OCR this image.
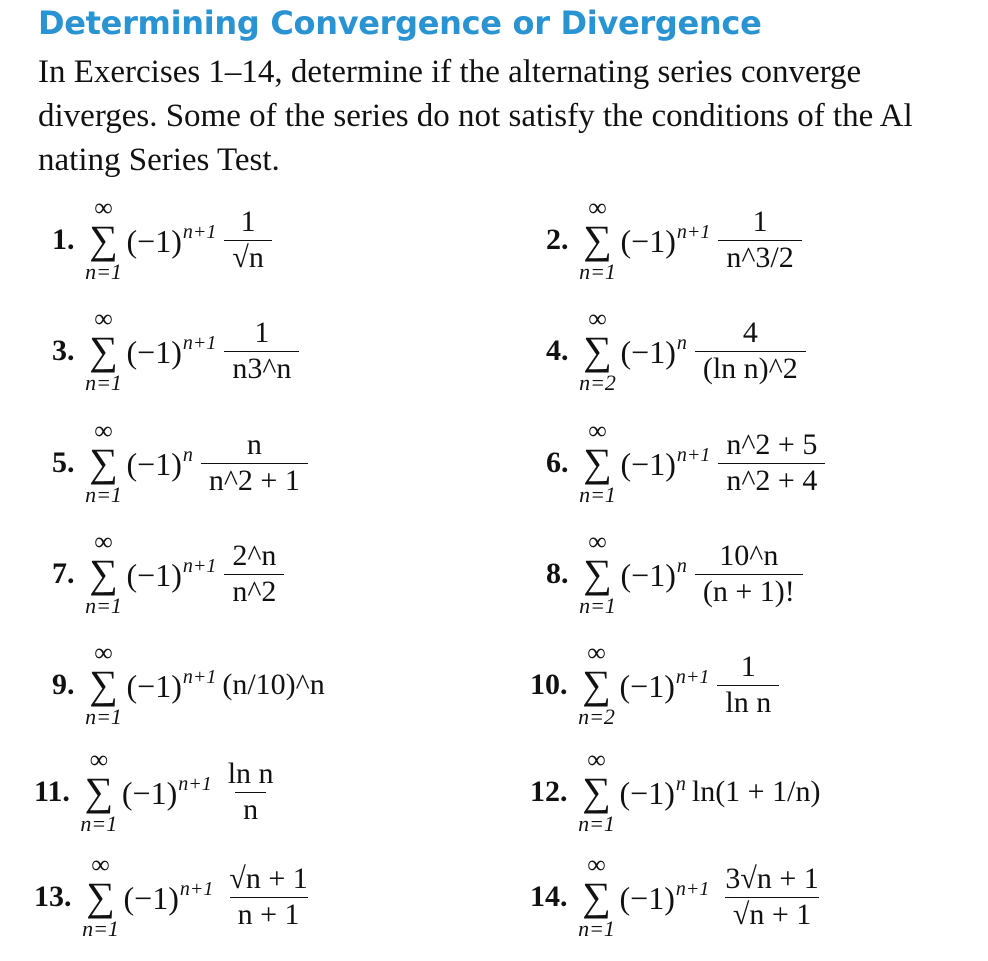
Determining Convergence or Divergence
In Exercises 1–14, determine if the alternating series converge
diverges. Some of the series do not satisfy the conditions of the Al
nating Series Test.
1.
∞
∑
n=1
$(-1)^{n+1} \frac{1}{√n}$
3.
∞
∑
n=1
$(-1)^{n+1} \frac{1}{n3\^{}n}$
5.
∞
∑
n=1
$(-1)^n \frac{n}{n\^{}2 + 1}$
7.
∞
∑
n=1
$(-1)^{n+1} \frac{2\^{}n}{n\^{}2}$
9.
∞
∑
n=1
$(-1)^{n+1}$ (n/10)^n
11.
∞
∑
n=1
$(-1)^{n+1} \frac{\text{ln n}}{n}$
13.
∞
∑
n=1
$(-1)^{n+1} \frac{√n + 1}{n + 1}$
2.
∞
∑
n=1
$(-1)^{n+1} \frac{1}{n\^{}3/2}$
4.
∞
∑
n=2
$(-1)^n \frac{4}{\text{(ln n)\textasciicircum{}2}}$
6.
∞
∑
n=1
$(-1)^{n+1} \frac{n\^{}2 + 5}{n\^{}2 + 4}$
8.
∞
∑
n=1
$(-1)^n \frac{10\^{}n}{(n + 1)!}$
10.
∞
∑
n=2
$(-1)^{n+1} \frac{1}{\text{ln n}}$
12.
∞
∑
n=1
$(-1)^n$ ln(1 + 1/n)
14.
∞
∑
n=1
$(-1)^{n+1} \frac{3√n + 1}{√n + 1}$
